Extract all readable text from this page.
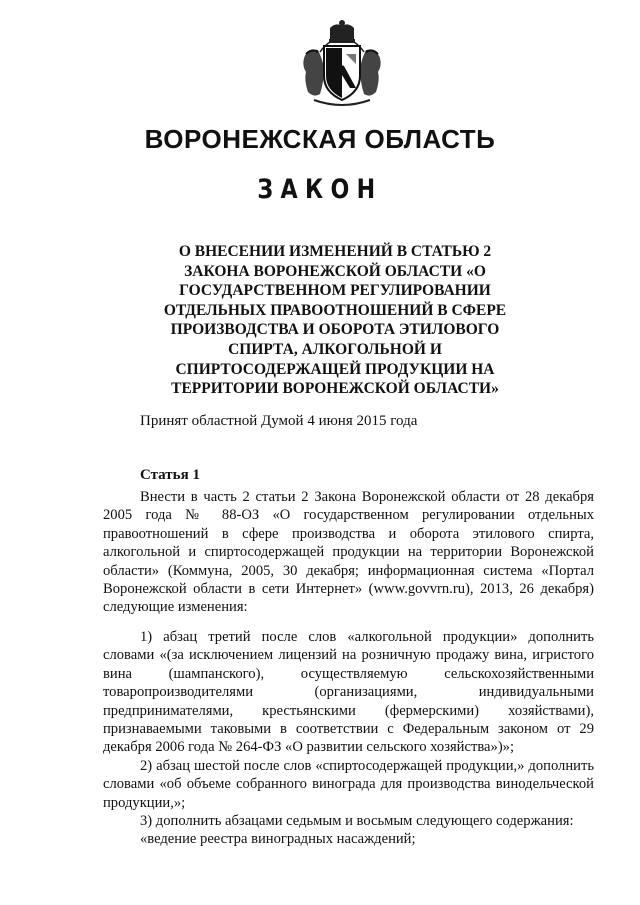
ВОРОНЕЖСКАЯ ОБЛАСТЬ
ЗАКОН
О ВНЕСЕНИИ ИЗМЕНЕНИЙ В СТАТЬЮ 2
ЗАКОНА ВОРОНЕЖСКОЙ ОБЛАСТИ «О
ГОСУДАРСТВЕННОМ РЕГУЛИРОВАНИИ
ОТДЕЛЬНЫХ ПРАВООТНОШЕНИЙ В СФЕРЕ
ПРОИЗВОДСТВА И ОБОРОТА ЭТИЛОВОГО
СПИРТА, АЛКОГОЛЬНОЙ И
СПИРТОСОДЕРЖАЩЕЙ ПРОДУКЦИИ НА
ТЕРРИТОРИИ ВОРОНЕЖСКОЙ ОБЛАСТИ»
Принят областной Думой 4 июня 2015 года
Статья 1

Внести в часть 2 статьи 2 Закона Воронежской области от 28 декабря 2005 года № 88-ОЗ «О государственном регулировании отдельных правоотношений в сфере производства и оборота этилового спирта, алкогольной и спиртосодержащей продукции на территории Воронежской области» (Коммуна, 2005, 30 декабря; информационная система «Портал Воронежской области в сети Интернет» (www.govvrn.ru), 2013, 26 декабря) следующие изменения:

1) абзац третий после слов «алкогольной продукции» дополнить словами «(за исключением лицензий на розничную продажу вина, игристого вина (шампанского), осуществляемую сельскохозяйственными товаропроизводителями (организациями, индивидуальными предпринимателями, крестьянскими (фермерскими) хозяйствами), признаваемыми таковыми в соответствии с Федеральным законом от 29 декабря 2006 года № 264-ФЗ «О развитии сельского хозяйства»)»;

2) абзац шестой после слов «спиртосодержащей продукции,» дополнить словами «об объеме собранного винограда для производства винодельческой продукции,»;

3) дополнить абзацами седьмым и восьмым следующего содержания:

«ведение реестра виноградных насаждений;
